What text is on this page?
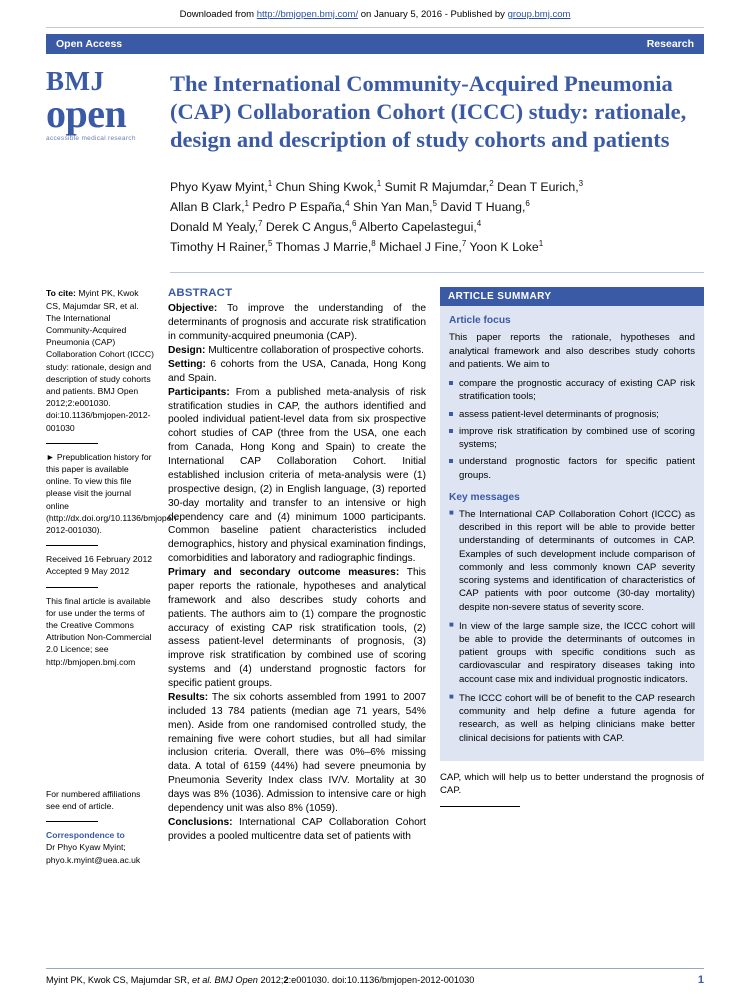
Downloaded from http://bmjopen.bmj.com/ on January 5, 2016 - Published by group.bmj.com
Open Access	Research
BMJ
open
accessible medical research
The International Community-Acquired Pneumonia (CAP) Collaboration Cohort (ICCC) study: rationale, design and description of study cohorts and patients
Phyo Kyaw Myint,$^1$ Chun Shing Kwok,$^1$ Sumit R Majumdar,$^2$ Dean T Eurich,$^3$
Allan B Clark,$^1$ Pedro P España,$^4$ Shin Yan Man,$^5$ David T Huang,$^6$
Donald M Yealy,$^7$ Derek C Angus,$^6$ Alberto Capelastegui,$^4$
Timothy H Rainer,$^5$ Thomas J Marrie,$^8$ Michael J Fine,$^7$ Yoon K Loke$^1$

To cite: Myint PK, Kwok CS, Majumdar SR, et al. The International Community-Acquired Pneumonia (CAP) Collaboration Cohort (ICCC) study: rationale, design and description of study cohorts and patients. BMJ Open 2012;2:e001030. doi:10.1136/bmjopen-2012-001030

► Prepublication history for this paper is available online. To view this file please visit the journal online (http://dx.doi.org/10.1136/bmjopen-2012-001030).

Received 16 February 2012

Accepted 9 May 2012

This final article is available for use under the terms of the Creative Commons Attribution Non-Commercial 2.0 Licence; see http://bmjopen.bmj.com

For numbered affiliations see end of article.

Correspondence to

Dr Phyo Kyaw Myint; phyo.k.myint@uea.ac.uk

ABSTRACT

Objective: To improve the understanding of the determinants of prognosis and accurate risk stratification in community-acquired pneumonia (CAP).

Design: Multicentre collaboration of prospective cohorts.

Setting: 6 cohorts from the USA, Canada, Hong Kong and Spain.

Participants: From a published meta-analysis of risk stratification studies in CAP, the authors identified and pooled individual patient-level data from six prospective cohort studies of CAP (three from the USA, one each from Canada, Hong Kong and Spain) to create the International CAP Collaboration Cohort. Initial established inclusion criteria of meta-analysis were (1) prospective design, (2) in English language, (3) reported 30-day mortality and transfer to an intensive or high dependency care and (4) minimum 1000 participants. Common baseline patient characteristics included demographics, history and physical examination findings, comorbidities and laboratory and radiographic findings.

Primary and secondary outcome measures: This paper reports the rationale, hypotheses and analytical framework and also describes study cohorts and patients. The authors aim to (1) compare the prognostic accuracy of existing CAP risk stratification tools, (2) assess patient-level determinants of prognosis, (3) improve risk stratification by combined use of scoring systems and (4) understand prognostic factors for specific patient groups.

Results: The six cohorts assembled from 1991 to 2007 included 13 784 patients (median age 71 years, 54% men). Aside from one randomised controlled study, the remaining five were cohort studies, but all had similar inclusion criteria. Overall, there was 0%–6% missing data. A total of 6159 (44%) had severe pneumonia by Pneumonia Severity Index class IV/V. Mortality at 30 days was 8% (1036). Admission to intensive care or high dependency unit was also 8% (1059).

Conclusions: International CAP Collaboration Cohort provides a pooled multicentre data set of patients with

ARTICLE SUMMARY
Article focus

This paper reports the rationale, hypotheses and analytical framework and also describes study cohorts and patients. We aim to

compare the prognostic accuracy of existing CAP risk stratification tools;
assess patient-level determinants of prognosis;
improve risk stratification by combined use of scoring systems;
understand prognostic factors for specific patient groups.
Key messages
■ The International CAP Collaboration Cohort (ICCC) as described in this report will be able to provide better understanding of determinants of outcomes in CAP. Examples of such development include comparison of commonly and less commonly known CAP severity scoring systems and identification of characteristics of CAP patients with poor outcome (30-day mortality) despite non-severe status of severity score.
■ In view of the large sample size, the ICCC cohort will be able to provide the determinants of outcomes in patient groups with specific conditions such as cardiovascular and respiratory diseases taking into account case mix and individual prognostic indicators.
■ The ICCC cohort will be of benefit to the CAP research community and help define a future agenda for research, as well as helping clinicians make better clinical decisions for patients with CAP.
CAP, which will help us to better understand the prognosis of CAP.
Myint PK, Kwok CS, Majumdar SR, et al. BMJ Open 2012;2:e001030. doi:10.1136/bmjopen-2012-001030	1
